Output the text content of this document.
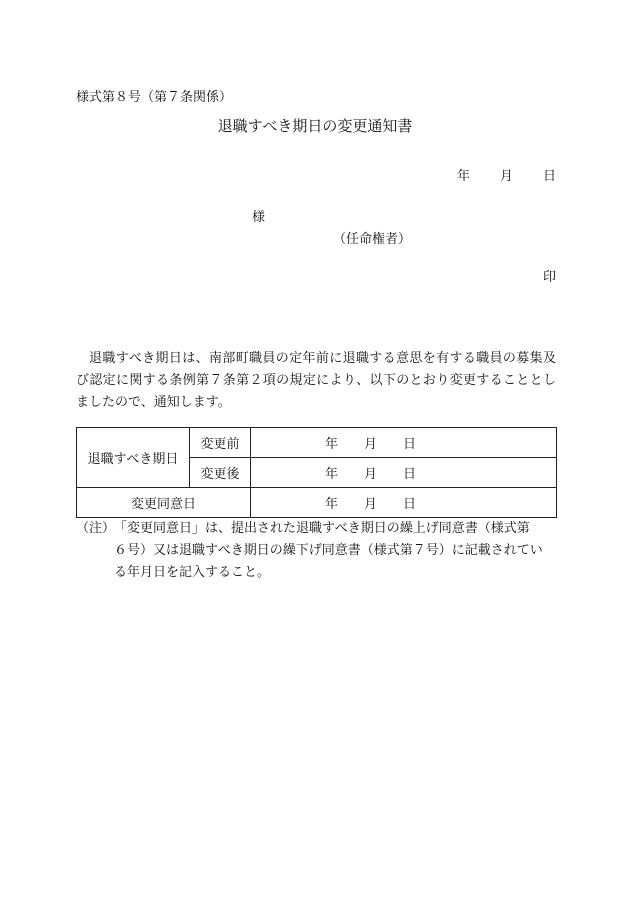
様式第８号（第７条関係）
退職すべき期日の変更通知書
年 月 日
様
（任命権者）
印
退職すべき期日は、南部町職員の定年前に退職する意思を有する職員の募集及び認定に関する条例第７条第２項の規定により、以下のとおり変更することとしましたので、通知します。
退職すべき期日	変更前	年 月 日
	変更後	年 月 日
変更同意日		年 月 日
（注）

「変更同意日」は、提出された退職すべき期日の繰上げ同意書（様式第

６号）又は退職すべき期日の繰下げ同意書（様式第７号）に記載されてい

る年月日を記入すること。
